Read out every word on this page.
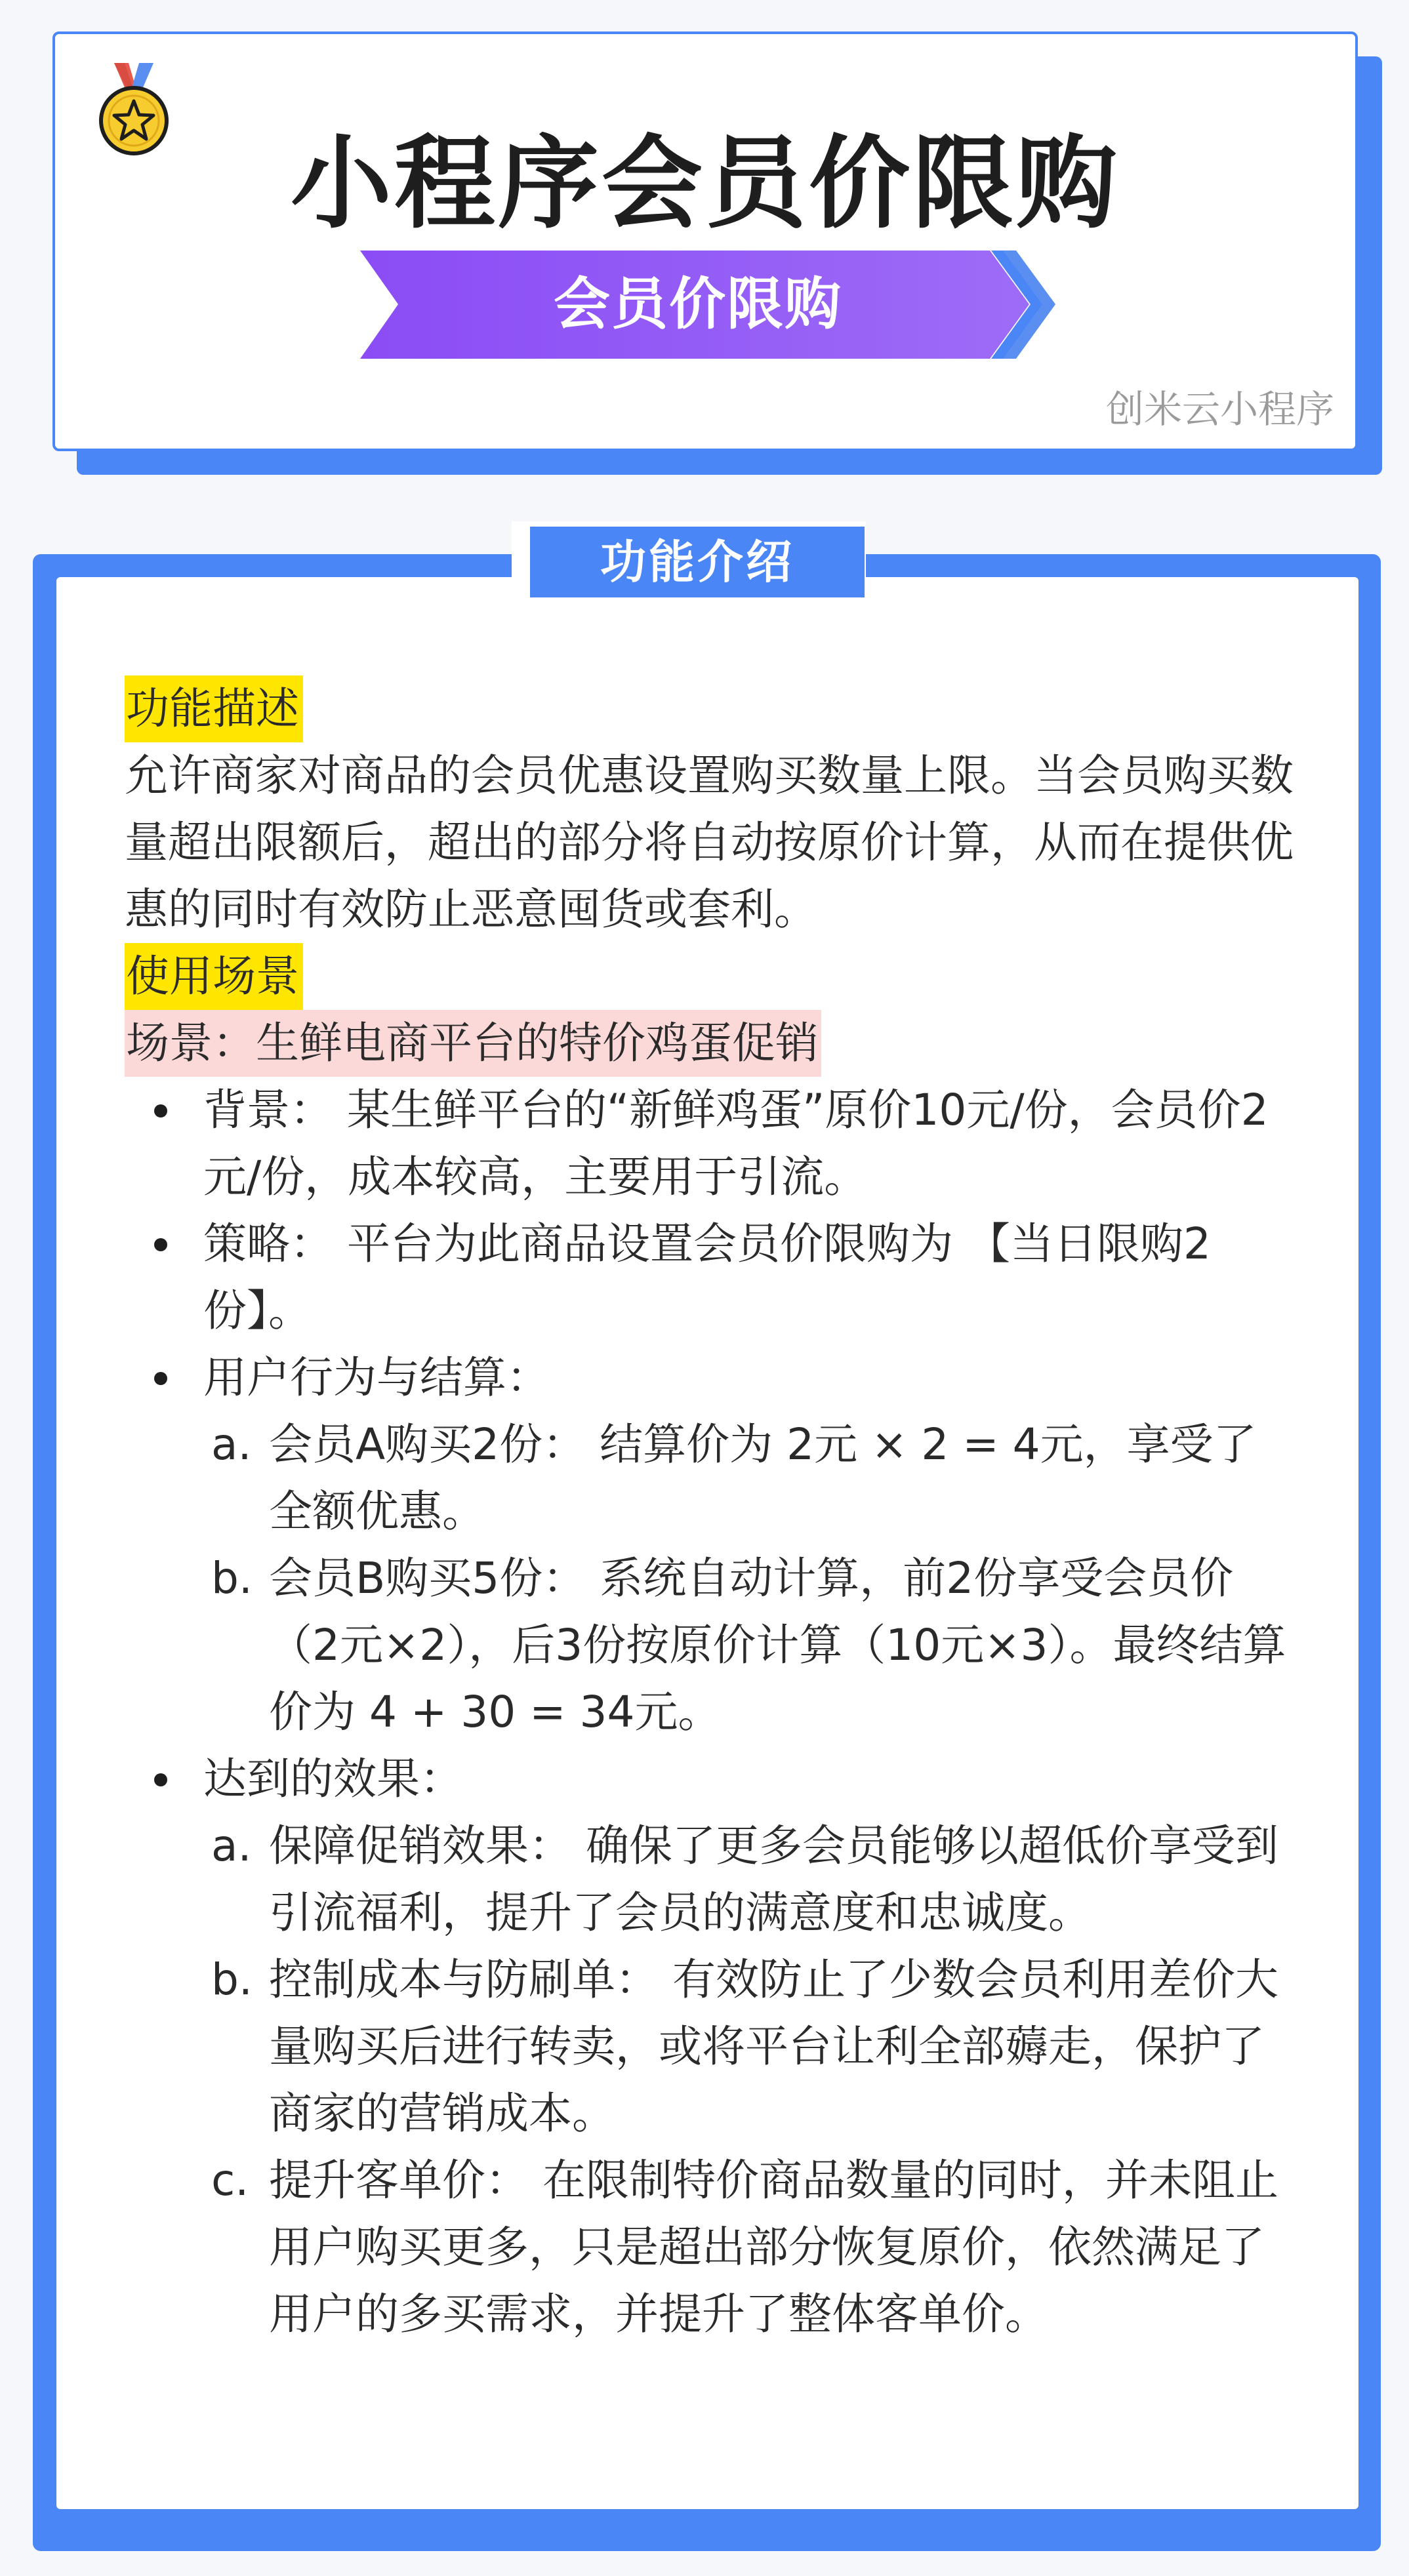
小程序会员价限购
会员价限购
创米云小程序
功能介绍
功能描述

允许商家对商品的会员优惠设置购买数量上限。当会员购买数量超出限额后，超出的部分将自动按原价计算，从而在提供优惠的同时有效防止恶意囤货或套利。

使用场景
场景：生鲜电商平台的特价鸡蛋促销
背景： 某生鲜平台的“新鲜鸡蛋”原价10元/份，会员价2元/份，成本较高，主要用于引流。
策略： 平台为此商品设置会员价限购为 【当日限购2份】。
用户行为与结算：
a. 会员A购买2份： 结算价为 2元 × 2 = 4元，享受了全额优惠。
b. 会员B购买5份： 系统自动计算，前2份享受会员价（2元×2），后3份按原价计算（10元×3）。最终结算价为 4 + 30 = 34元。
达到的效果：
a. 保障促销效果： 确保了更多会员能够以超低价享受到引流福利，提升了会员的满意度和忠诚度。
b. 控制成本与防刷单： 有效防止了少数会员利用差价大量购买后进行转卖，或将平台让利全部薅走，保护了商家的营销成本。
c. 提升客单价： 在限制特价商品数量的同时，并未阻止用户购买更多，只是超出部分恢复原价，依然满足了用户的多买需求，并提升了整体客单价。
